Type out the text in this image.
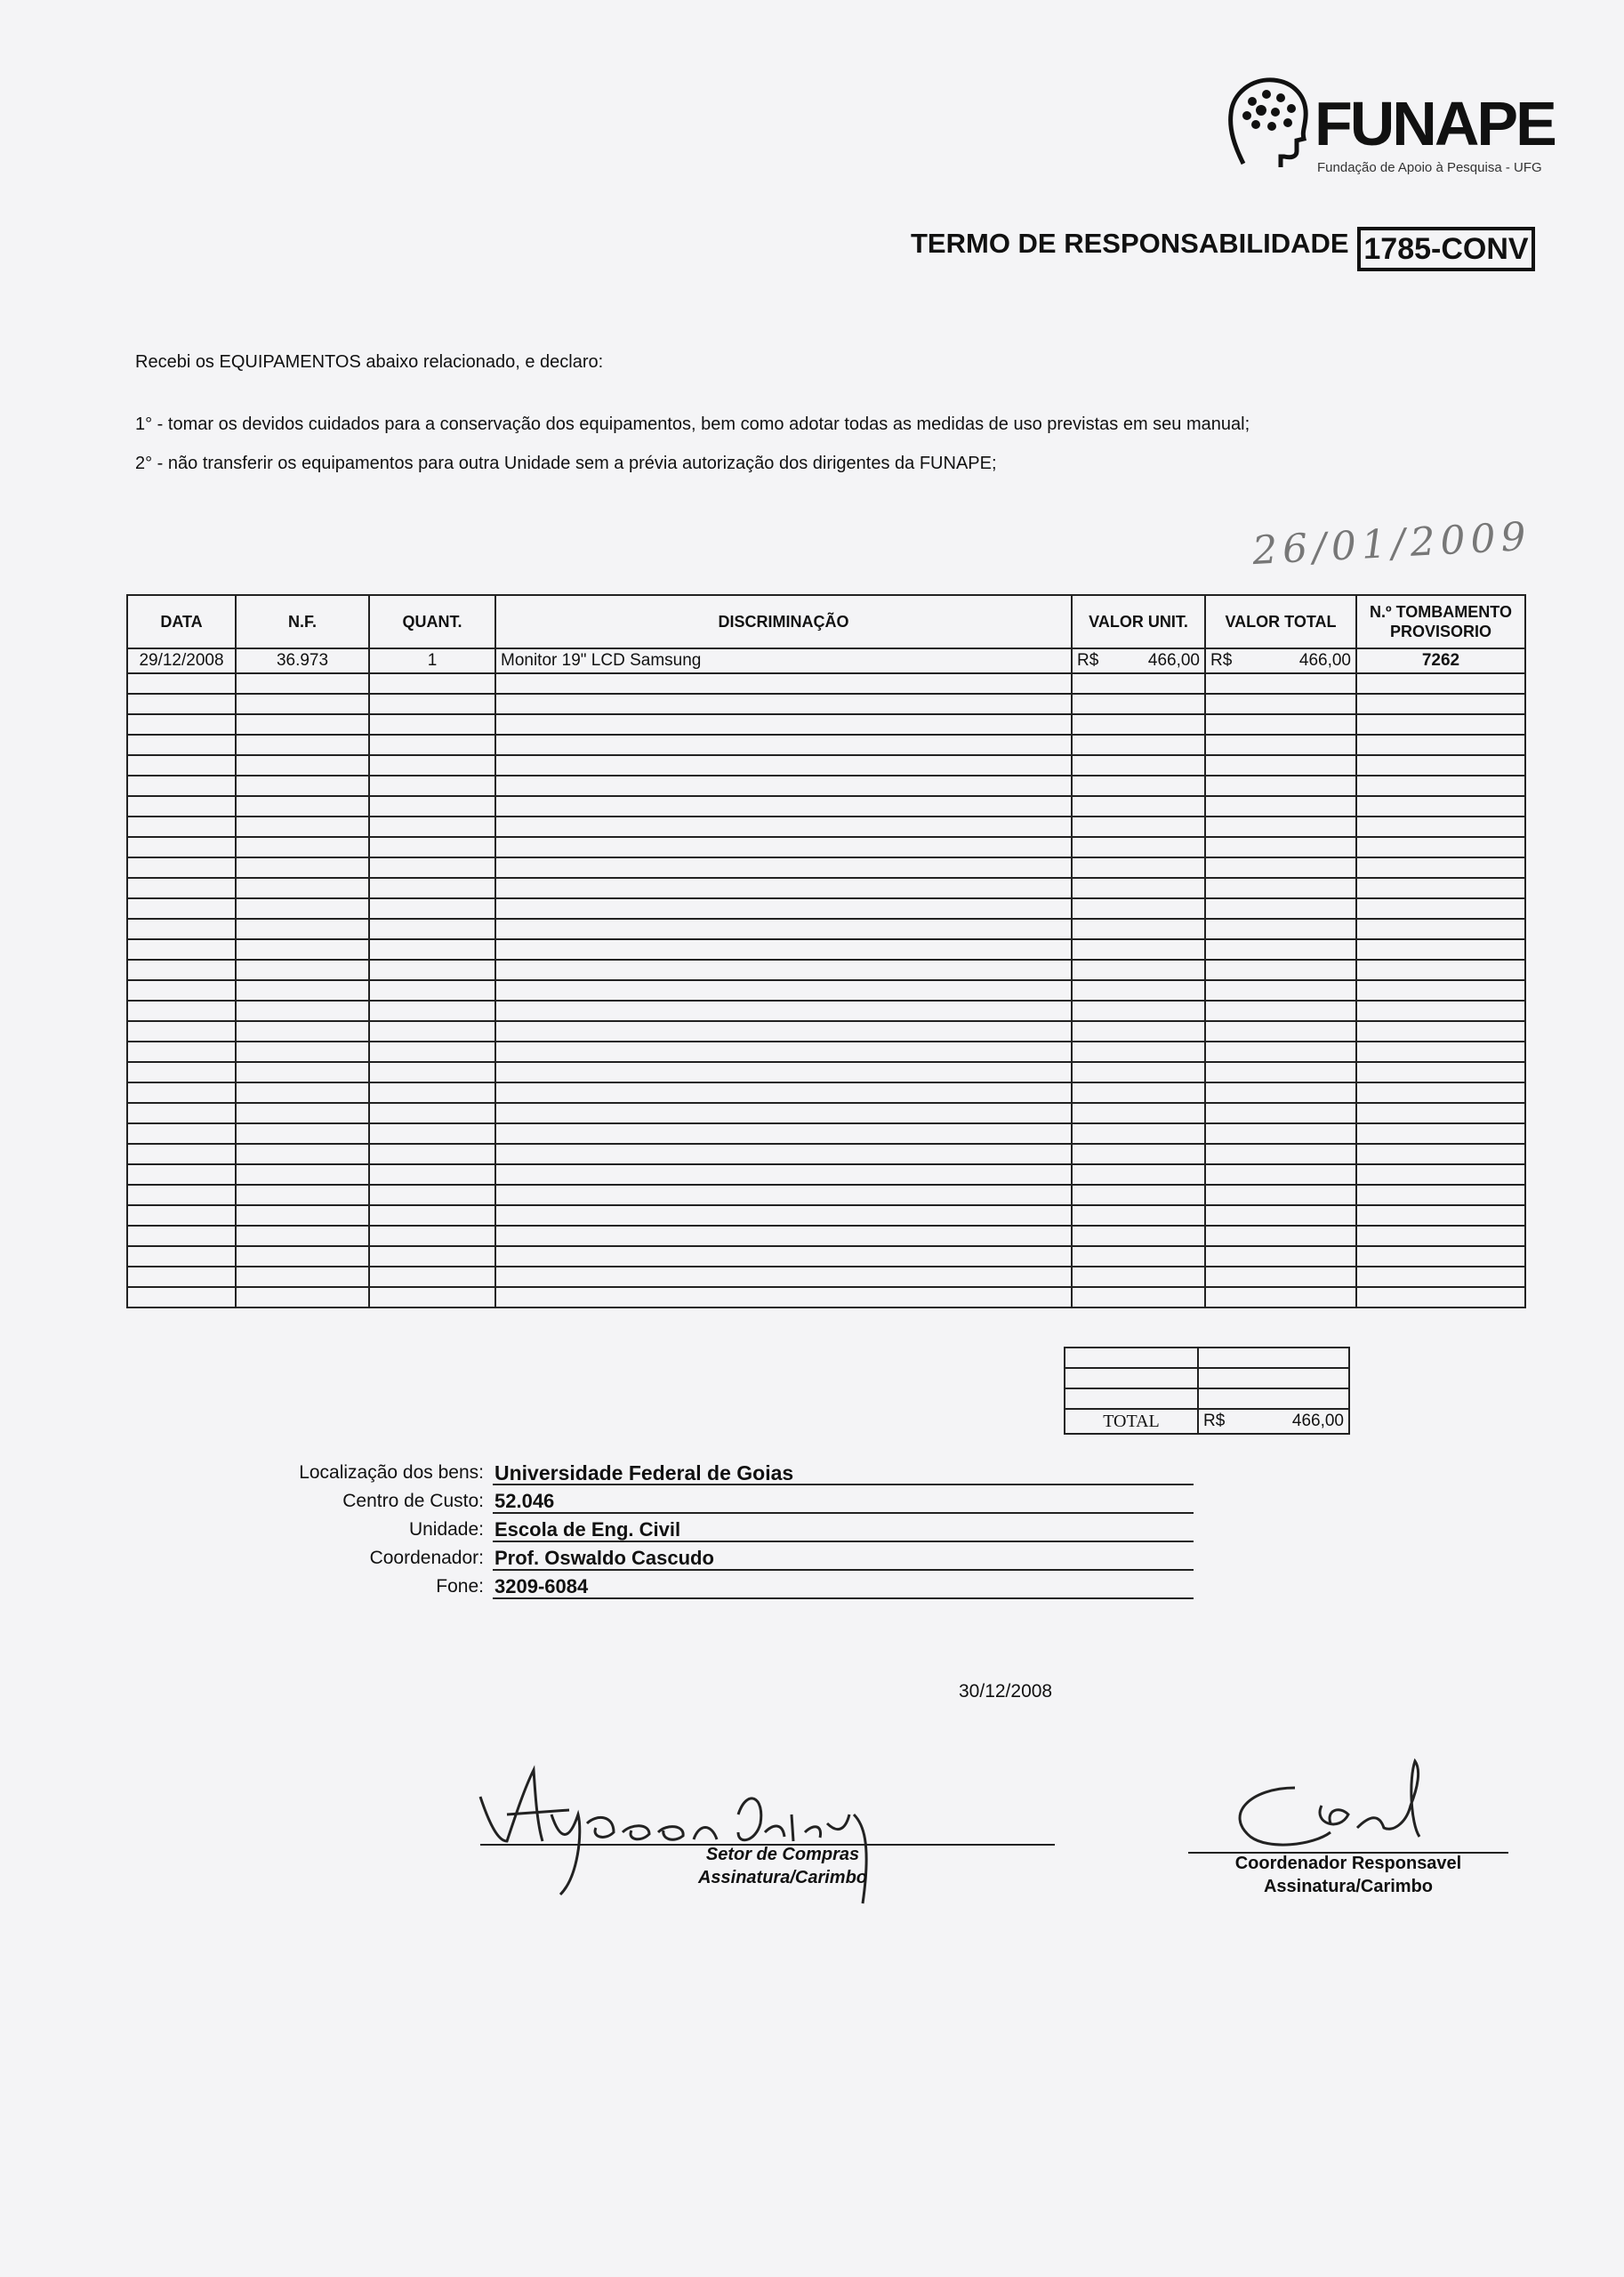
FUNAPE
Fundação de Apoio à Pesquisa - UFG
TERMO DE RESPONSABILIDADE 1785-CONV
Recebi os EQUIPAMENTOS abaixo relacionado, e declaro:
1° - tomar os devidos cuidados para a conservação dos equipamentos, bem como adotar todas as medidas de uso previstas em seu manual;
2° - não transferir os equipamentos para outra Unidade sem a prévia autorização dos dirigentes da FUNAPE;
26/01/2009
DATA	N.F.	QUANT.	DISCRIMINAÇÃO	VALOR UNIT.	VALOR TOTAL	N.º TOMBAMENTO
PROVISORIO
29/12/2008	36.973	1	Monitor 19" LCD Samsung	R$ 466,00	R$ 466,00	7262

TOTAL	R$ 466,00
Localização dos bens: Universidade Federal de Goias
Centro de Custo: 52.046
Unidade: Escola de Eng. Civil
Coordenador: Prof. Oswaldo Cascudo
Fone: 3209-6084
30/12/2008
Setor de Compras
Assinatura/Carimbo
Coordenador Responsavel
Assinatura/Carimbo
